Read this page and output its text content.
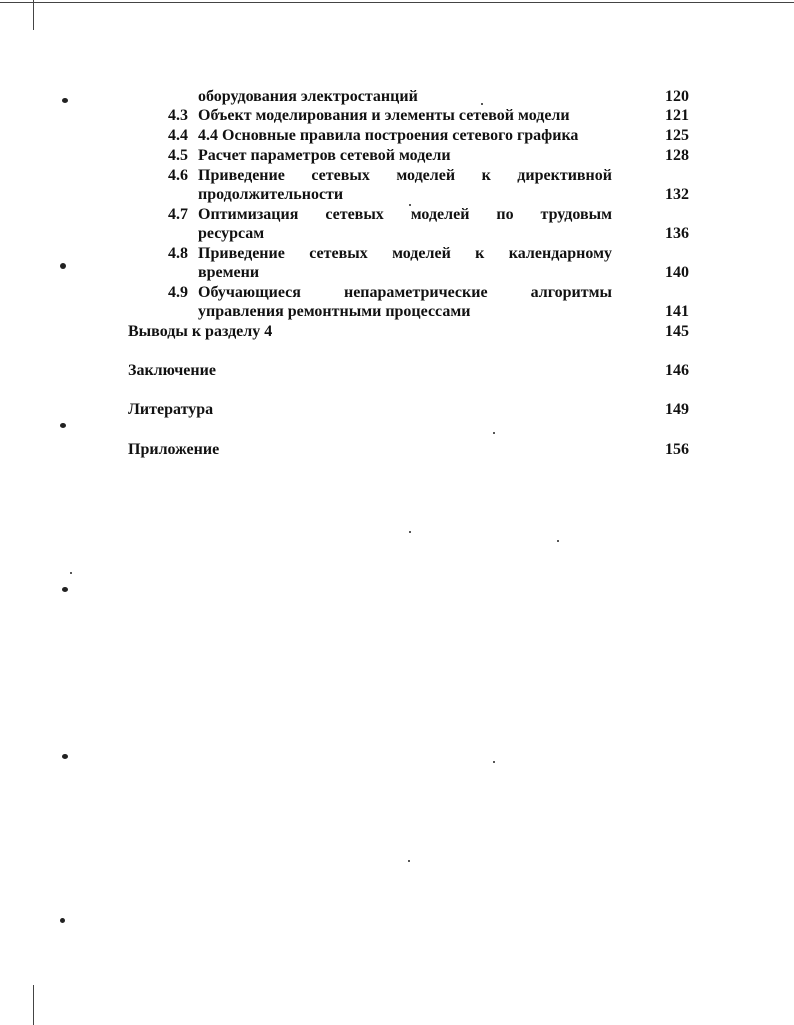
оборудования электростанций	120
4.3 Объект моделирования и элементы сетевой модели	121
4.4 4.4 Основные правила построения сетевого графика	125
4.5 Расчет параметров сетевой модели	128
4.6 Приведение сетевых моделей к директивной
продолжительности	132
4.7 Оптимизация сетевых моделей по трудовым
ресурсам	136
4.8 Приведение сетевых моделей к календарному
времени	140
4.9 Обучающиеся непараметрические алгоритмы
управления ремонтными процессами	141
Выводы к разделу 4	145
Заключение	146
Литература	149
Приложение	156
